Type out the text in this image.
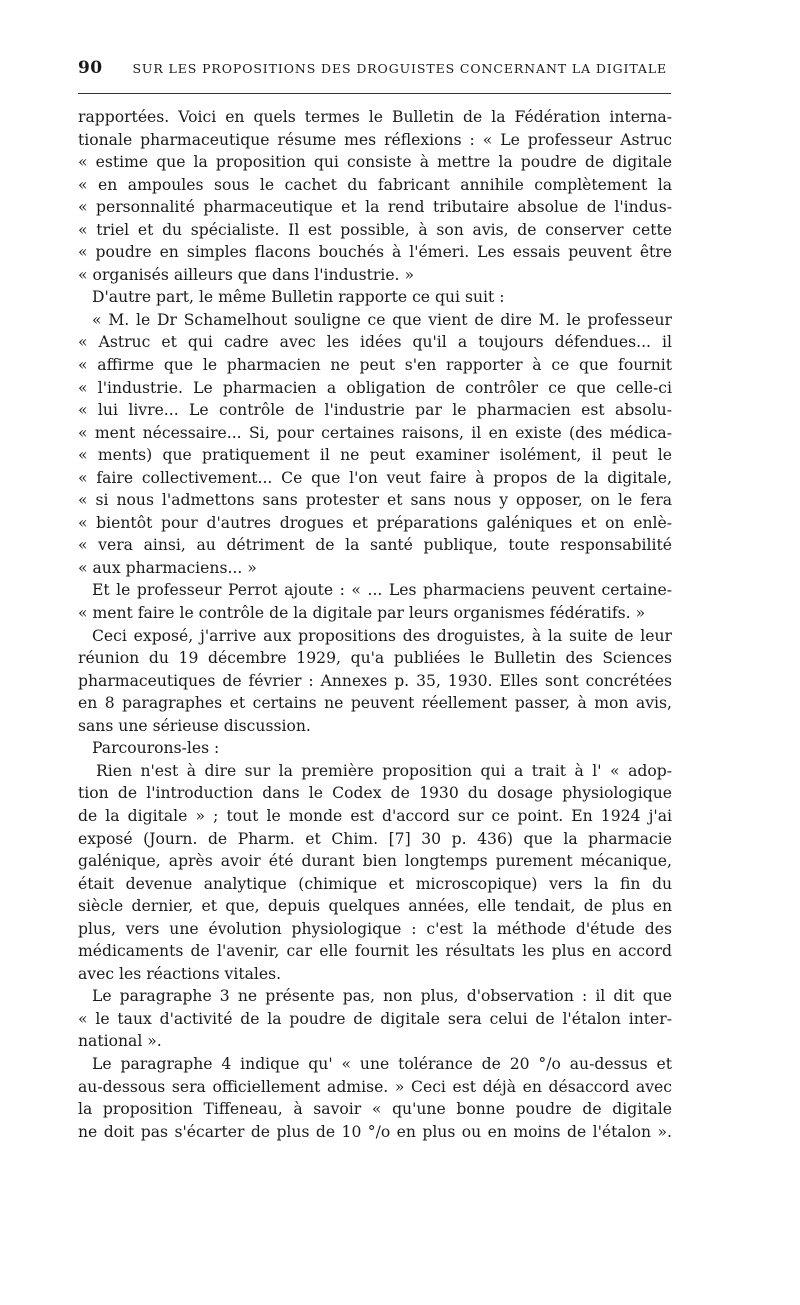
90 SUR LES PROPOSITIONS DES DROGUISTES CONCERNANT LA DIGITALE
rapportées. Voici en quels termes le Bulletin de la Fédération interna-
tionale pharmaceutique résume mes réflexions : « Le professeur Astruc
« estime que la proposition qui consiste à mettre la poudre de digitale
« en ampoules sous le cachet du fabricant annihile complètement la
« personnalité pharmaceutique et la rend tributaire absolue de l'indus-
« triel et du spécialiste. Il est possible, à son avis, de conserver cette
« poudre en simples flacons bouchés à l'émeri. Les essais peuvent être
« organisés ailleurs que dans l'industrie. »
D'autre part, le même Bulletin rapporte ce qui suit :
« M. le Dr Schamelhout souligne ce que vient de dire M. le professeur
« Astruc et qui cadre avec les idées qu'il a toujours défendues... il
« affirme que le pharmacien ne peut s'en rapporter à ce que fournit
« l'industrie. Le pharmacien a obligation de contrôler ce que celle-ci
« lui livre... Le contrôle de l'industrie par le pharmacien est absolu-
« ment nécessaire... Si, pour certaines raisons, il en existe (des médica-
« ments) que pratiquement il ne peut examiner isolément, il peut le
« faire collectivement... Ce que l'on veut faire à propos de la digitale,
« si nous l'admettons sans protester et sans nous y opposer, on le fera
« bientôt pour d'autres drogues et préparations galéniques et on enlè-
« vera ainsi, au détriment de la santé publique, toute responsabilité
« aux pharmaciens... »
Et le professeur Perrot ajoute : « ... Les pharmaciens peuvent certaine-
« ment faire le contrôle de la digitale par leurs organismes fédératifs. »
Ceci exposé, j'arrive aux propositions des droguistes, à la suite de leur
réunion du 19 décembre 1929, qu'a publiées le Bulletin des Sciences
pharmaceutiques de février : Annexes p. 35, 1930. Elles sont concrétées
en 8 paragraphes et certains ne peuvent réellement passer, à mon avis,
sans une sérieuse discussion.
Parcourons-les :
Rien n'est à dire sur la première proposition qui a trait à l' « adop-
tion de l'introduction dans le Codex de 1930 du dosage physiologique
de la digitale » ; tout le monde est d'accord sur ce point. En 1924 j'ai
exposé (Journ. de Pharm. et Chim. [7] 30 p. 436) que la pharmacie
galénique, après avoir été durant bien longtemps purement mécanique,
était devenue analytique (chimique et microscopique) vers la fin du
siècle dernier, et que, depuis quelques années, elle tendait, de plus en
plus, vers une évolution physiologique : c'est la méthode d'étude des
médicaments de l'avenir, car elle fournit les résultats les plus en accord
avec les réactions vitales.
Le paragraphe 3 ne présente pas, non plus, d'observation : il dit que
« le taux d'activité de la poudre de digitale sera celui de l'étalon inter-
national ».
Le paragraphe 4 indique qu' « une tolérance de 20 °/o au-dessus et
au-dessous sera officiellement admise. » Ceci est déjà en désaccord avec
la proposition Tiffeneau, à savoir « qu'une bonne poudre de digitale
ne doit pas s'écarter de plus de 10 °/o en plus ou en moins de l'étalon ».
